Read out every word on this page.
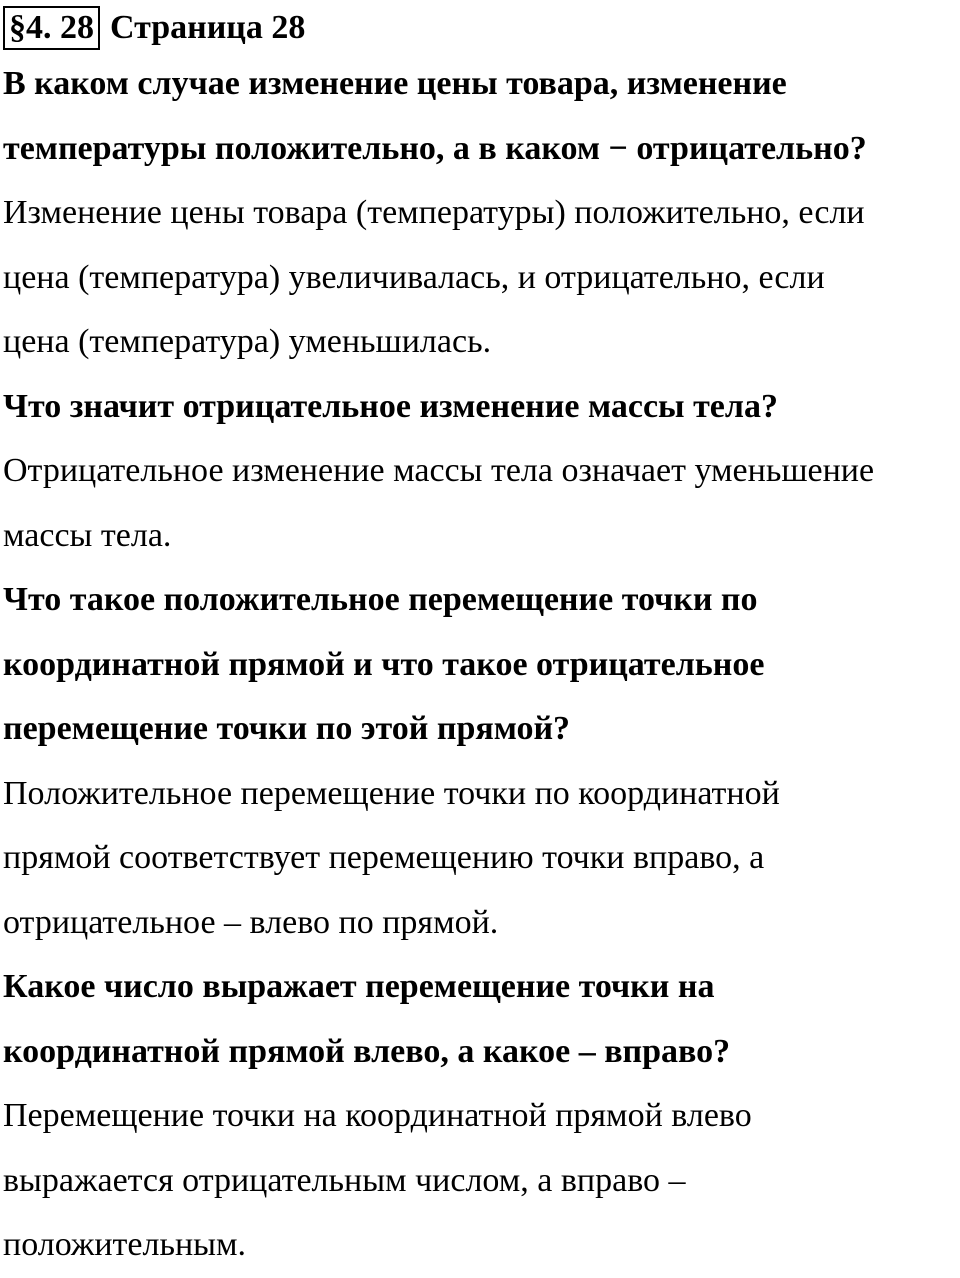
§4. 28 Страница 28
В каком случае изменение цены товара, изменение
температуры положительно, а в каком − отрицательно?
Изменение цены товара (температуры) положительно, если
цена (температура) увеличивалась, и отрицательно, если
цена (температура) уменьшилась.
Что значит отрицательное изменение массы тела?
Отрицательное изменение массы тела означает уменьшение
массы тела.
Что такое положительное перемещение точки по
координатной прямой и что такое отрицательное
перемещение точки по этой прямой?
Положительное перемещение точки по координатной
прямой соответствует перемещению точки вправо, а
отрицательное – влево по прямой.
Какое число выражает перемещение точки на
координатной прямой влево, а какое – вправо?
Перемещение точки на координатной прямой влево
выражается отрицательным числом, а вправо –
положительным.
